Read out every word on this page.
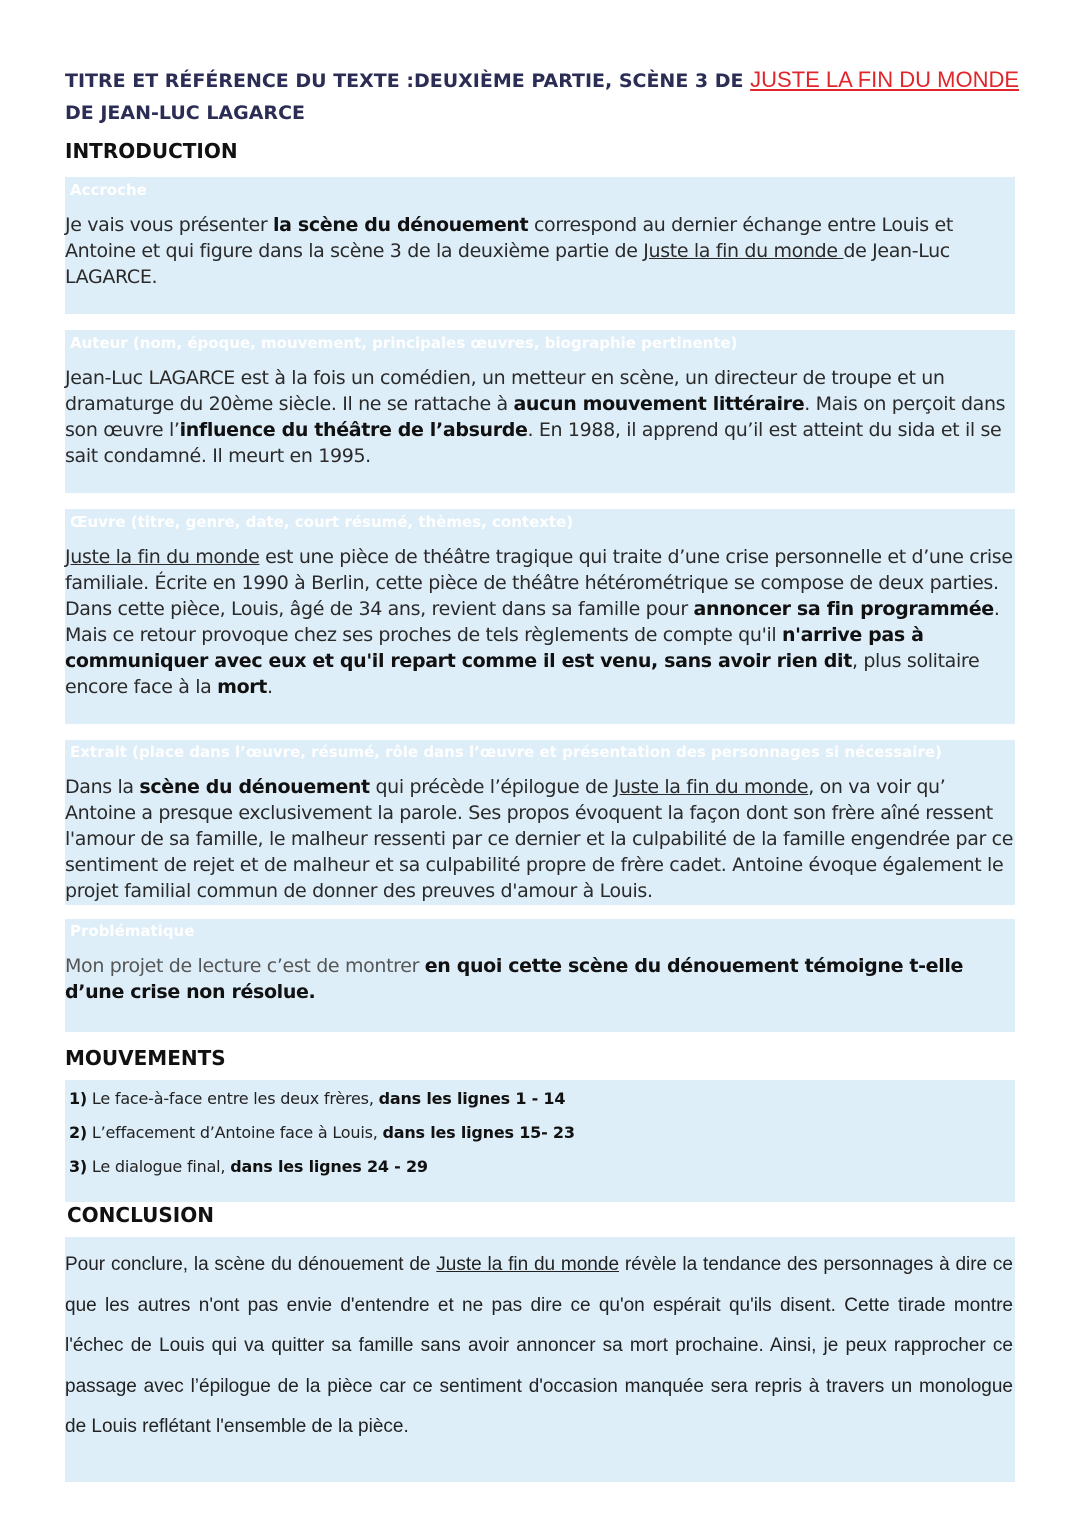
TITRE ET RÉFÉRENCE DU TEXTE :DEUXIÈME PARTIE, SCÈNE 3 DE JUSTE LA FIN DU MONDE DE JEAN-LUC LAGARCE
INTRODUCTION
Accroche
Je vais vous présenter la scène du dénouement correspond au dernier échange entre Louis et Antoine et qui figure dans la scène 3 de la deuxième partie de Juste la fin du monde de Jean-Luc LAGARCE.
Auteur (nom, époque, mouvement, principales œuvres, biographie pertinente)
Jean-Luc LAGARCE est à la fois un comédien, un metteur en scène, un directeur de troupe et un dramaturge du 20ème siècle. Il ne se rattache à aucun mouvement littéraire. Mais on perçoit dans son œuvre l’influence du théâtre de l’absurde. En 1988, il apprend qu’il est atteint du sida et il se sait condamné. Il meurt en 1995.
Œuvre (titre, genre, date, court résumé, thèmes, contexte)
Juste la fin du monde est une pièce de théâtre tragique qui traite d’une crise personnelle et d’une crise familiale. Écrite en 1990 à Berlin, cette pièce de théâtre hétérométrique se compose de deux parties. Dans cette pièce, Louis, âgé de 34 ans, revient dans sa famille pour annoncer sa fin programmée. Mais ce retour provoque chez ses proches de tels règlements de compte qu'il n'arrive pas à communiquer avec eux et qu'il repart comme il est venu, sans avoir rien dit, plus solitaire encore face à la mort.
Extrait (place dans l’œuvre, résumé, rôle dans l’œuvre et présentation des personnages si nécessaire)
Dans la scène du dénouement qui précède l’épilogue de Juste la fin du monde, on va voir qu’ Antoine a presque exclusivement la parole. Ses propos évoquent la façon dont son frère aîné ressent l'amour de sa famille, le malheur ressenti par ce dernier et la culpabilité de la famille engendrée par ce sentiment de rejet et de malheur et sa culpabilité propre de frère cadet. Antoine évoque également le projet familial commun de donner des preuves d'amour à Louis.
Problématique
Mon projet de lecture c’est de montrer en quoi cette scène du dénouement témoigne t-elle d’une crise non résolue.
MOUVEMENTS
1) Le face-à-face entre les deux frères, dans les lignes 1 - 14
2) L’effacement d’Antoine face à Louis, dans les lignes 15- 23
3) Le dialogue final, dans les lignes 24 - 29
CONCLUSION
Pour conclure, la scène du dénouement de Juste la fin du monde révèle la tendance des personnages à dire ce que les autres n'ont pas envie d'entendre et ne pas dire ce qu'on espérait qu'ils disent. Cette tirade montre l'échec de Louis qui va quitter sa famille sans avoir annoncer sa mort prochaine. Ainsi, je peux rapprocher ce passage avec l’épilogue de la pièce car ce sentiment d'occasion manquée sera repris à travers un monologue de Louis reflétant l'ensemble de la pièce.
